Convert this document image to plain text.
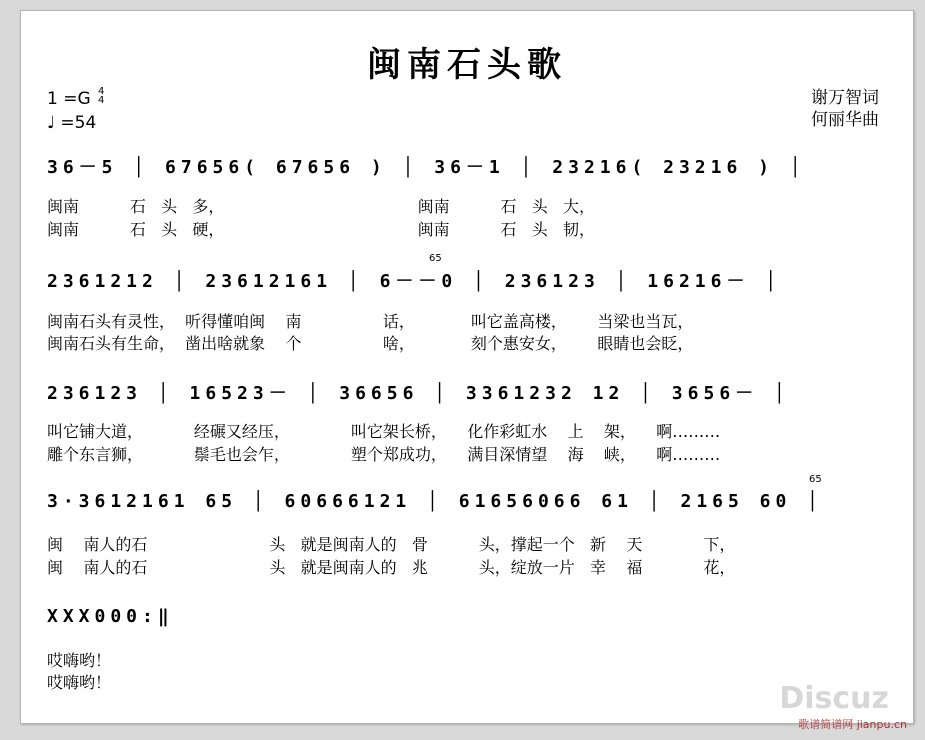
闽南石头歌
1 =G 4
4
♩ =54
谢万智词
何丽华曲
36－5 │ 67656( 67656 ) │ 36－1 │ 23216( 23216 ) │
闽南          石   头   多，                                      闽南          石   头   大，
闽南          石   头   硬，                                      闽南          石   头   韧，
65
2361212 │ 23612161 │ 6－－0 │ 236123 │ 16216－ │
闽南石头有灵性，  听得懂咱闽    南                话，           叫它盖高楼，      当梁也当瓦，
闽南石头有生命，  凿出啥就象    个                啥，           刻个惠安女，      眼睛也会眨，
236123 │ 16523－ │ 36656 │ 3361232 12 │ 3656－ │
叫它铺大道，          经碾又经压，            叫它架长桥，    化作彩虹水    上    架，    啊………
雕个东言狮，          鬃毛也会乍，            塑个郑成功，    满目深情望    海    峡，    啊………
65
3·3612161 65 │ 60666121 │ 61656066 61 │ 2165 60 │
闽    南人的石                        头   就是闽南人的   骨          头，撑起一个   新    天            下，
闽    南人的石                        头   就是闽南人的   兆          头，绽放一片   幸    福            花，
XXX000:‖
哎嗨哟！
哎嗨哟！	Discuz
歌谱简谱网 jianpu.cn
